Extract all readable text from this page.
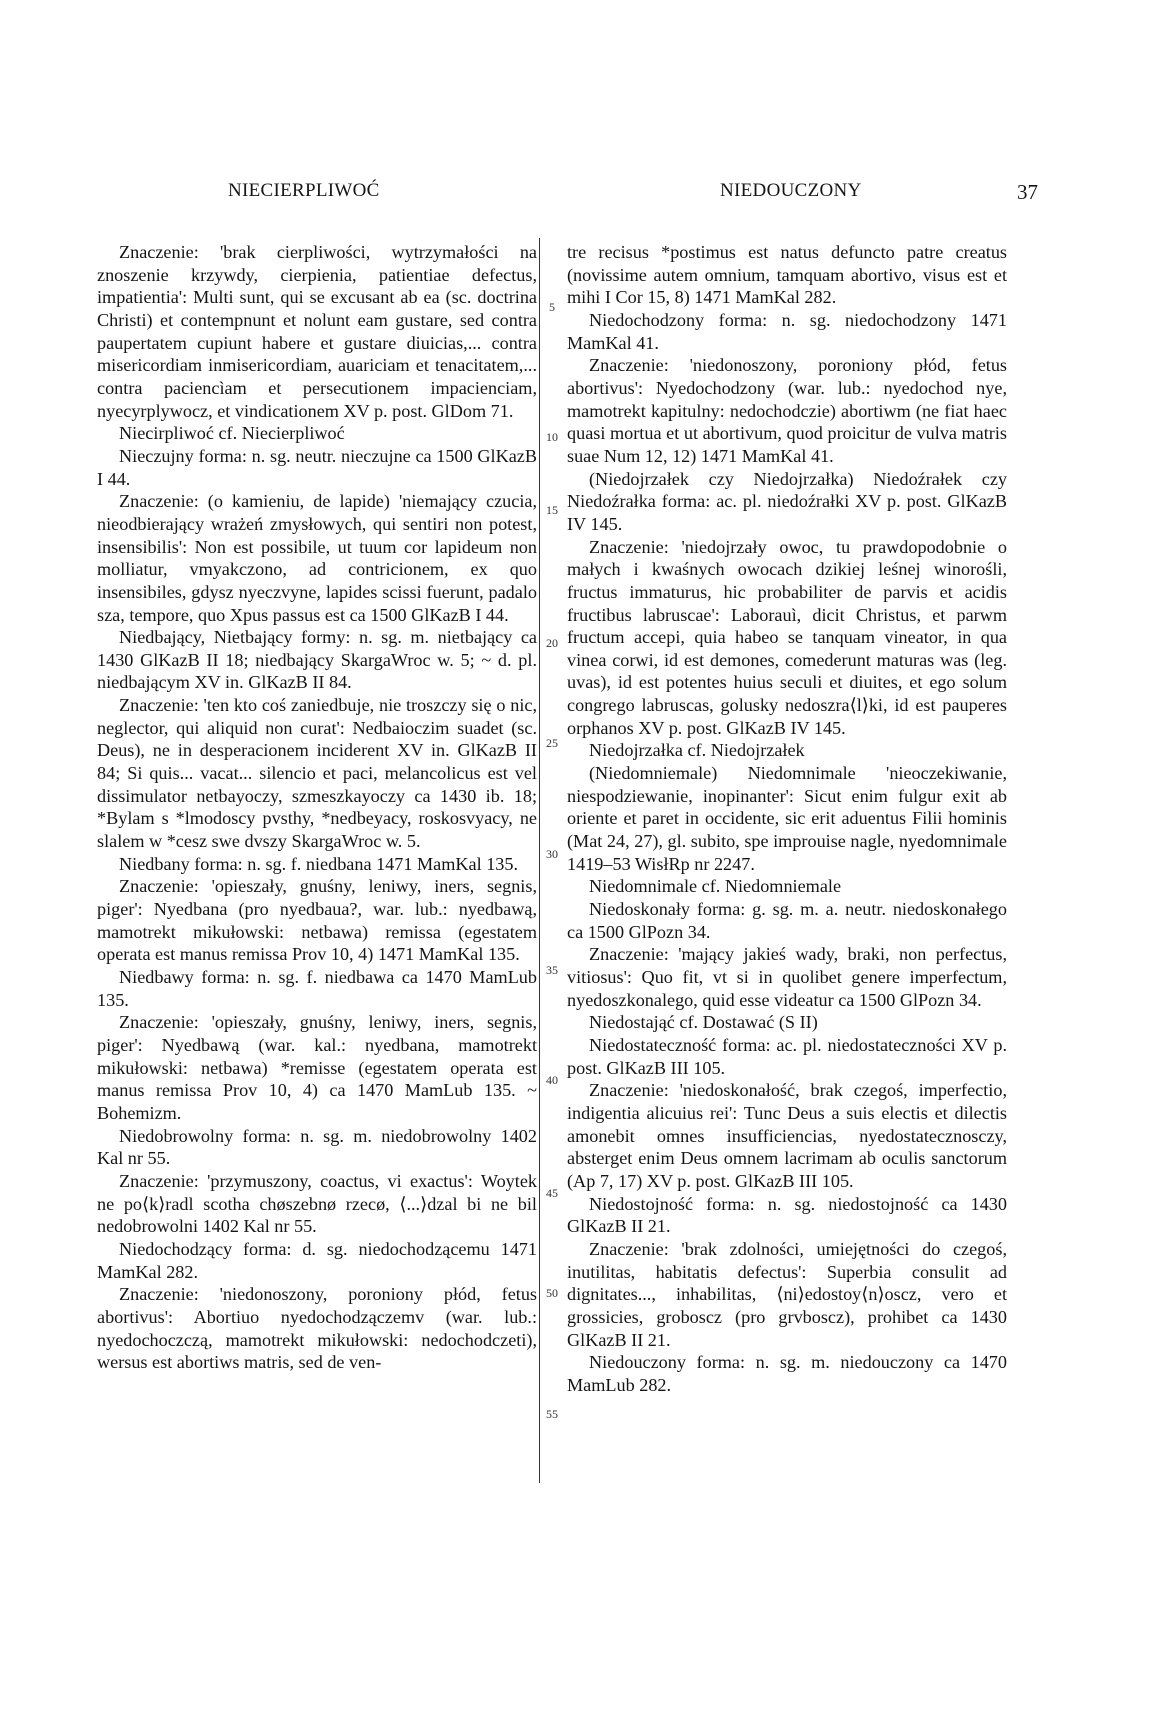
NIECIERPLIWOĆ	NIEDOUCZONY	37
5
10
15
20
25
30
35
40
45
50
55

Znaczenie: 'brak cierpliwości, wytrzymałości na znoszenie krzywdy, cierpienia, patientiae defectus, impatientia': Multi sunt, qui se excusant ab ea (sc. doctrina Christi) et contempnunt et nolunt eam gustare, sed contra paupertatem cupiunt habere et gustare diuicias,... contra misericordiam inmisericordiam, auariciam et tenacitatem,... contra paciencìam et persecutionem impacienciam, nyecyrplywocz, et vindicationem XV p. post. GlDom 71.

Niecirpliwoć cf. Niecierpliwoć

Nieczujny forma: n. sg. neutr. nieczujne ca 1500 GlKazB I 44.

Znaczenie: (o kamieniu, de lapide) 'niemający czucia, nieodbierający wrażeń zmysłowych, qui sentiri non potest, insensibilis': Non est possibile, ut tuum cor lapideum non molliatur, vmyakczono, ad contricionem, ex quo insensibiles, gdysz nyeczvyne, lapides scissi fuerunt, padalo sza, tempore, quo Xpus passus est ca 1500 GlKazB I 44.

Niedbający, Nietbający formy: n. sg. m. nietbający ca 1430 GlKazB II 18; niedbający SkargaWroc w. 5; ~ d. pl. niedbającym XV in. GlKazB II 84.

Znaczenie: 'ten kto coś zaniedbuje, nie troszczy się o nic, neglector, qui aliquid non curat': Nedbaioczim suadet (sc. Deus), ne in desperacionem inciderent XV in. GlKazB II 84; Si quis... vacat... silencio et paci, melancolicus est vel dissimulator netbayoczy, szmeszkayoczy ca 1430 ib. 18; *Bylam s *lmodoscy pvsthy, *nedbeyacy, roskosvyacy, ne slalem w *cesz swe dvszy SkargaWroc w. 5.

Niedbany forma: n. sg. f. niedbana 1471 MamKal 135.

Znaczenie: 'opieszały, gnuśny, leniwy, iners, segnis, piger': Nyedbana (pro nyedbaua?, war. lub.: nyedbawą, mamotrekt mikułowski: netbawa) remissa (egestatem operata est manus remissa Prov 10, 4) 1471 MamKal 135.

Niedbawy forma: n. sg. f. niedbawa ca 1470 MamLub 135.

Znaczenie: 'opieszały, gnuśny, leniwy, iners, segnis, piger': Nyedbawą (war. kal.: nyedbana, mamotrekt mikułowski: netbawa) *remisse (egestatem operata est manus remissa Prov 10, 4) ca 1470 MamLub 135. ~ Bohemizm.

Niedobrowolny forma: n. sg. m. niedobrowolny 1402 Kal nr 55.

Znaczenie: 'przymuszony, coactus, vi exactus': Woytek ne po⟨k⟩radl scotha chøszebnø rzecø, ⟨...⟩dzal bi ne bil nedobrowolni 1402 Kal nr 55.

Niedochodzący forma: d. sg. niedochodzącemu 1471 MamKal 282.

Znaczenie: 'niedonoszony, poroniony płód, fetus abortivus': Abortiuo nyedochodzączemv (war. lub.: nyedochoczczą, mamotrekt mikułowski: nedochodczeti), wersus est abortiws matris, sed de ven-

tre recisus *postimus est natus defuncto patre creatus (novissime autem omnium, tamquam abortivo, visus est et mihi I Cor 15, 8) 1471 MamKal 282.

Niedochodzony forma: n. sg. niedochodzony 1471 MamKal 41.

Znaczenie: 'niedonoszony, poroniony płód, fetus abortivus': Nyedochodzony (war. lub.: nyedochod nye, mamotrekt kapitulny: nedochodczie) abortiwm (ne fiat haec quasi mortua et ut abortivum, quod proicitur de vulva matris suae Num 12, 12) 1471 MamKal 41.

(Niedojrzałek czy Niedojrzałka) Niedoźrałek czy Niedoźrałka forma: ac. pl. niedoźrałki XV p. post. GlKazB IV 145.

Znaczenie: 'niedojrzały owoc, tu prawdopodobnie o małych i kwaśnych owocach dzikiej leśnej winorośli, fructus immaturus, hic probabiliter de parvis et acidis fructibus labruscae': Laborauì, dicit Christus, et parwm fructum accepi, quia habeo se tanquam vineator, in qua vinea corwi, id est demones, comederunt maturas was (leg. uvas), id est potentes huius seculi et diuites, et ego solum congrego labruscas, golusky nedoszra⟨l⟩ki, id est pauperes orphanos XV p. post. GlKazB IV 145.

Niedojrzałka cf. Niedojrzałek

(Niedomniemale) Niedomnimale 'nieoczekiwanie, niespodziewanie, inopinanter': Sicut enim fulgur exit ab oriente et paret in occidente, sic erit aduentus Filii hominis (Mat 24, 27), gl. subito, spe improuise nagle, nyedomnimale 1419–53 WisłRp nr 2247.

Niedomnimale cf. Niedomniemale

Niedoskonały forma: g. sg. m. a. neutr. niedoskonałego ca 1500 GlPozn 34.

Znaczenie: 'mający jakieś wady, braki, non perfectus, vitiosus': Quo fit, vt si in quolibet genere imperfectum, nyedoszkonalego, quid esse videatur ca 1500 GlPozn 34.

Niedostająć cf. Dostawać (S II)

Niedostateczność forma: ac. pl. niedostateczności XV p. post. GlKazB III 105.

Znaczenie: 'niedoskonałość, brak czegoś, imperfectio, indigentia alicuius rei': Tunc Deus a suis electis et dilectis amonebit omnes insufficiencias, nyedostatecznosczy, absterget enim Deus omnem lacrimam ab oculis sanctorum (Ap 7, 17) XV p. post. GlKazB III 105.

Niedostojność forma: n. sg. niedostojność ca 1430 GlKazB II 21.

Znaczenie: 'brak zdolności, umiejętności do czegoś, inutilitas, habitatis defectus': Superbia consulit ad dignitates..., inhabilitas, ⟨ni⟩edostoy⟨n⟩oscz, vero et grossicies, groboscz (pro grvboscz), prohibet ca 1430 GlKazB II 21.

Niedouczony forma: n. sg. m. niedouczony ca 1470 MamLub 282.
